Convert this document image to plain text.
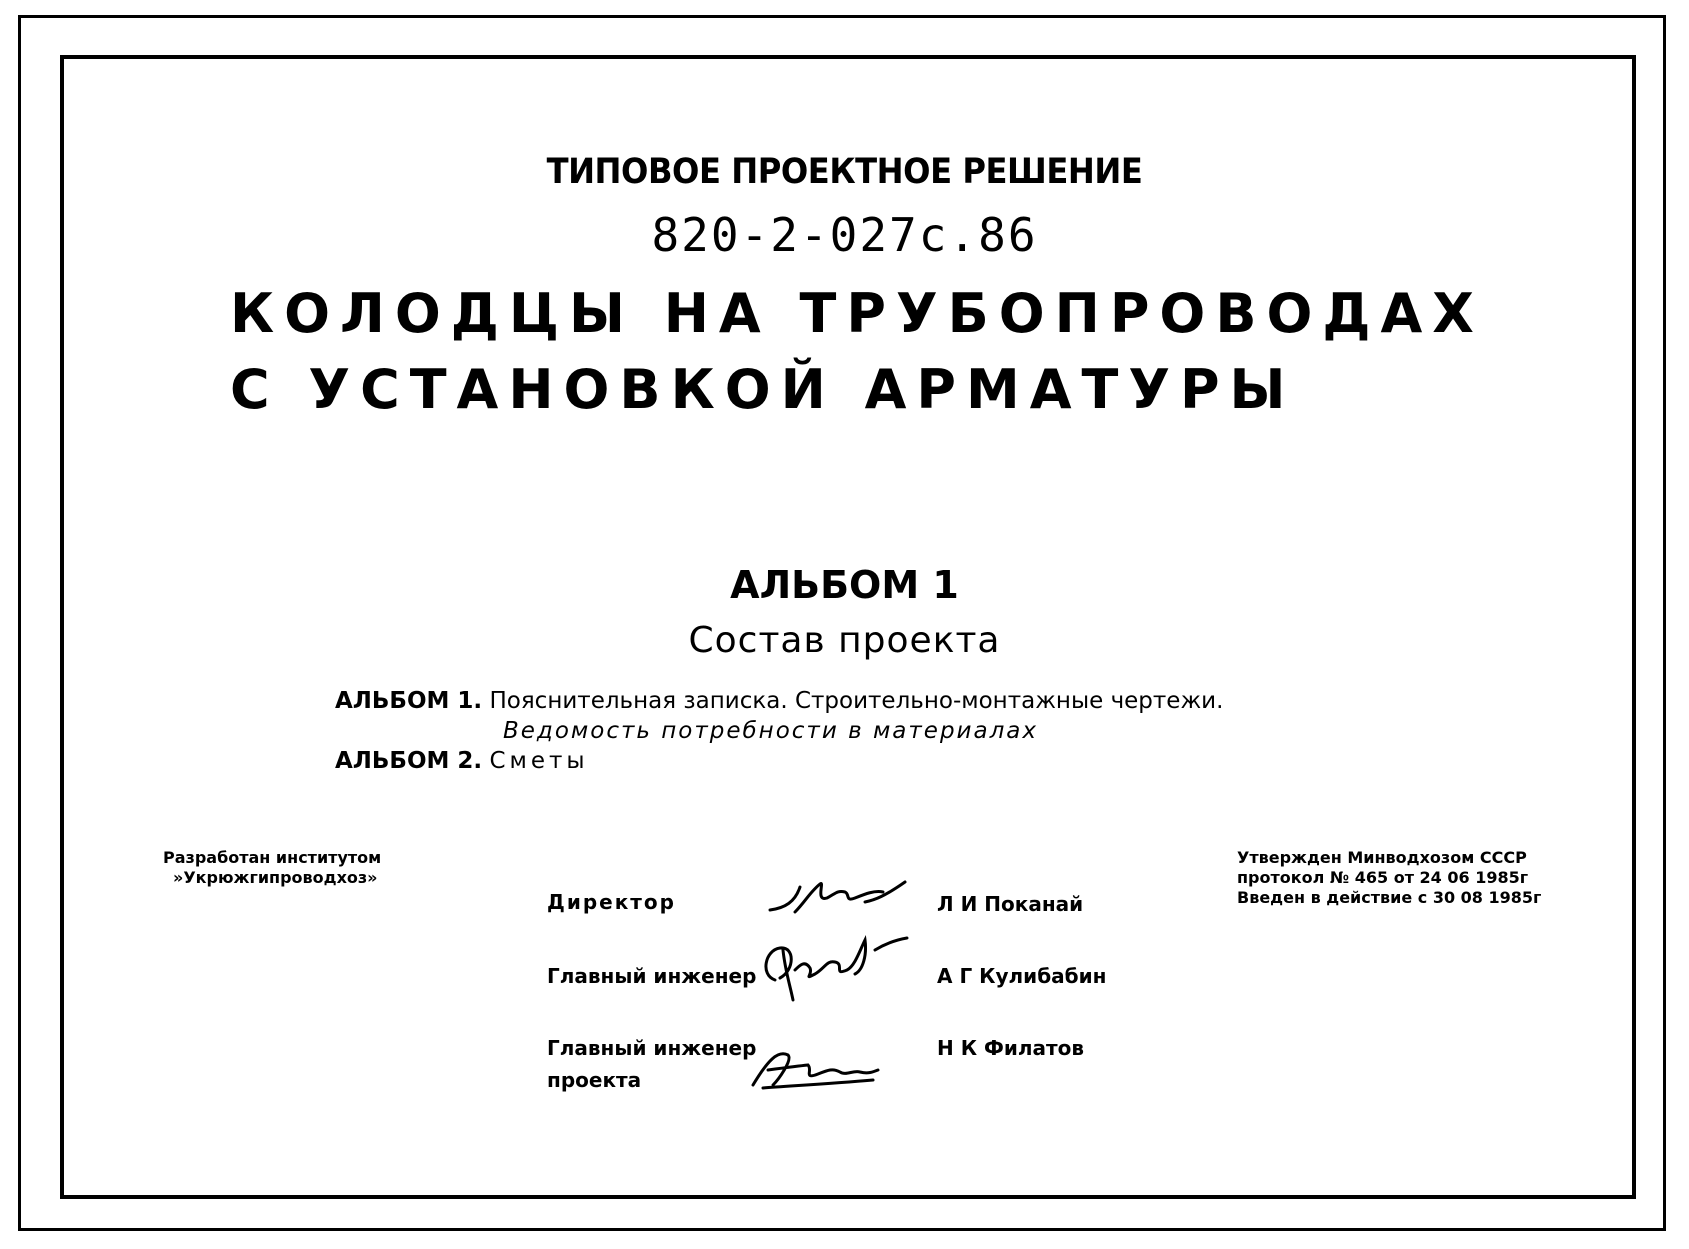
ТИПОВОЕ ПРОЕКТНОЕ РЕШЕНИЕ
820-2-027с.86
КОЛОДЦЫ НА ТРУБОПРОВОДАХ
С УСТАНОВКОЙ АРМАТУРЫ
АЛЬБОМ 1
Состав проекта
АЛЬБОМ 1. Пояснительная записка. Строительно-монтажные чертежи.
Ведомость потребности в материалах
АЛЬБОМ 2. Сметы
Разработан институтом
»Укрюжгипроводхоз»
Утвержден Минводхозом СССР
протокол № 465 от 24 06 1985г
Введен в действие с 30 08 1985г
Директор
Главный инженер
Главный инженер
проекта
Л И Поканай
А Г Кулибабин
Н К Филатов
